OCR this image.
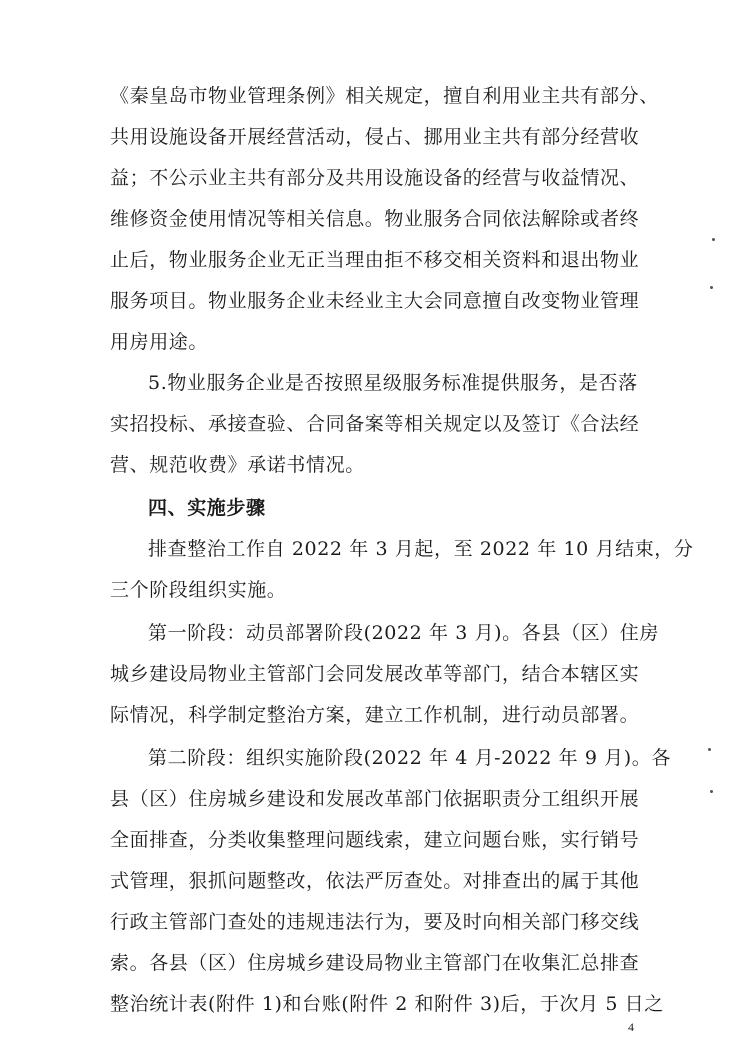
《秦皇岛市物业管理条例》相关规定，擅自利用业主共有部分、
共用设施设备开展经营活动，侵占、挪用业主共有部分经营收
益；不公示业主共有部分及共用设施设备的经营与收益情况、
维修资金使用情况等相关信息。物业服务合同依法解除或者终
止后，物业服务企业无正当理由拒不移交相关资料和退出物业
服务项目。物业服务企业未经业主大会同意擅自改变物业管理
用房用途。
5.物业服务企业是否按照星级服务标准提供服务，是否落
实招投标、承接查验、合同备案等相关规定以及签订《合法经
营、规范收费》承诺书情况。
四、实施步骤
排查整治工作自 2022 年 3 月起，至 2022 年 10 月结束，分
三个阶段组织实施。
第一阶段：动员部署阶段(2022 年 3 月)。各县（区）住房
城乡建设局物业主管部门会同发展改革等部门，结合本辖区实
际情况，科学制定整治方案，建立工作机制，进行动员部署。
第二阶段：组织实施阶段(2022 年 4 月-2022 年 9 月)。各
县（区）住房城乡建设和发展改革部门依据职责分工组织开展
全面排查，分类收集整理问题线索，建立问题台账，实行销号
式管理，狠抓问题整改，依法严厉查处。对排查出的属于其他
行政主管部门查处的违规违法行为，要及时向相关部门移交线
索。各县（区）住房城乡建设局物业主管部门在收集汇总排查
整治统计表(附件 1)和台账(附件 2 和附件 3)后，于次月 5 日之
4
